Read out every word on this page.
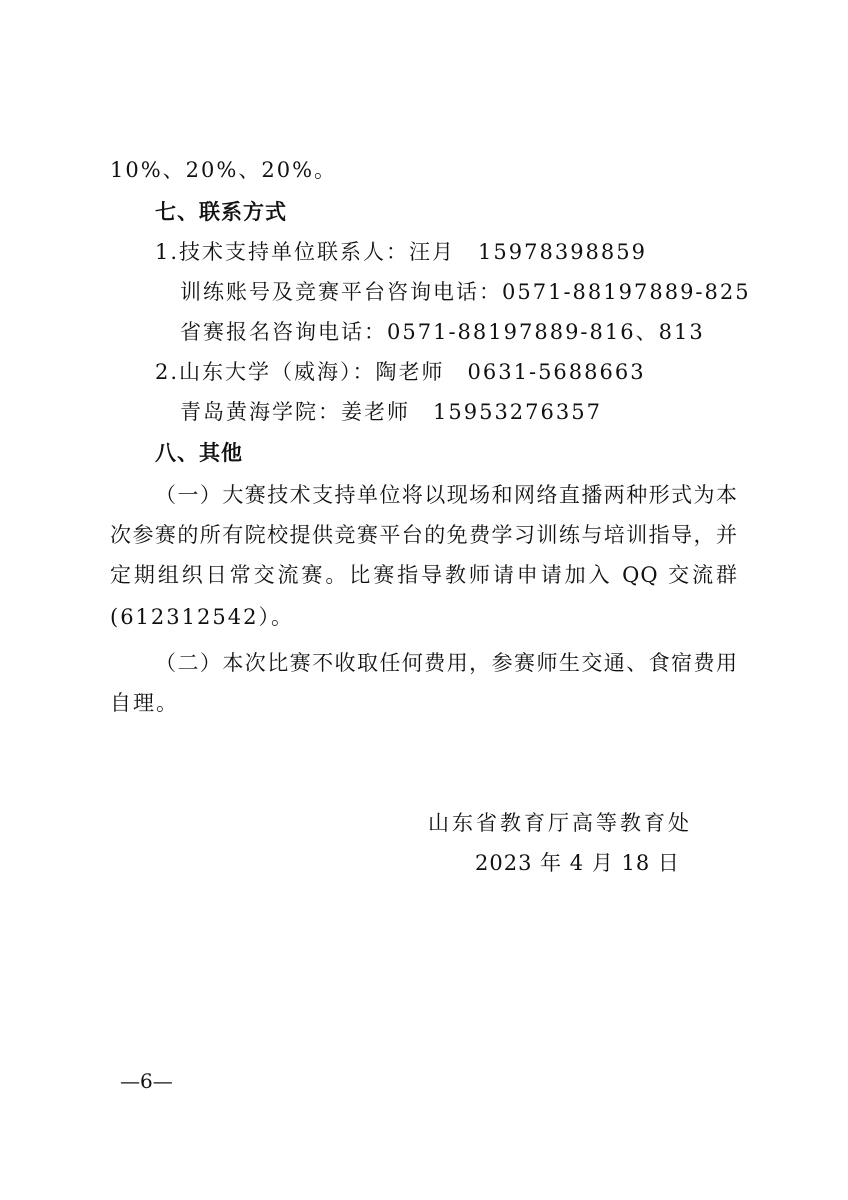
10%、20%、20%。
七、联系方式
1.技术支持单位联系人：汪月　15978398859
训练账号及竞赛平台咨询电话：0571-88197889-825
省赛报名咨询电话：0571-88197889-816、813
2.山东大学（威海）：陶老师　0631-5688663
青岛黄海学院：姜老师　15953276357
八、其他
（一）大赛技术支持单位将以现场和网络直播两种形式为本
次参赛的所有院校提供竞赛平台的免费学习训练与培训指导，并
定期组织日常交流赛。比赛指导教师请申请加入 QQ 交流群
(612312542）。
（二）本次比赛不收取任何费用，参赛师生交通、食宿费用
自理。
山东省教育厅高等教育处
2023 年 4 月 18 日
—6—
